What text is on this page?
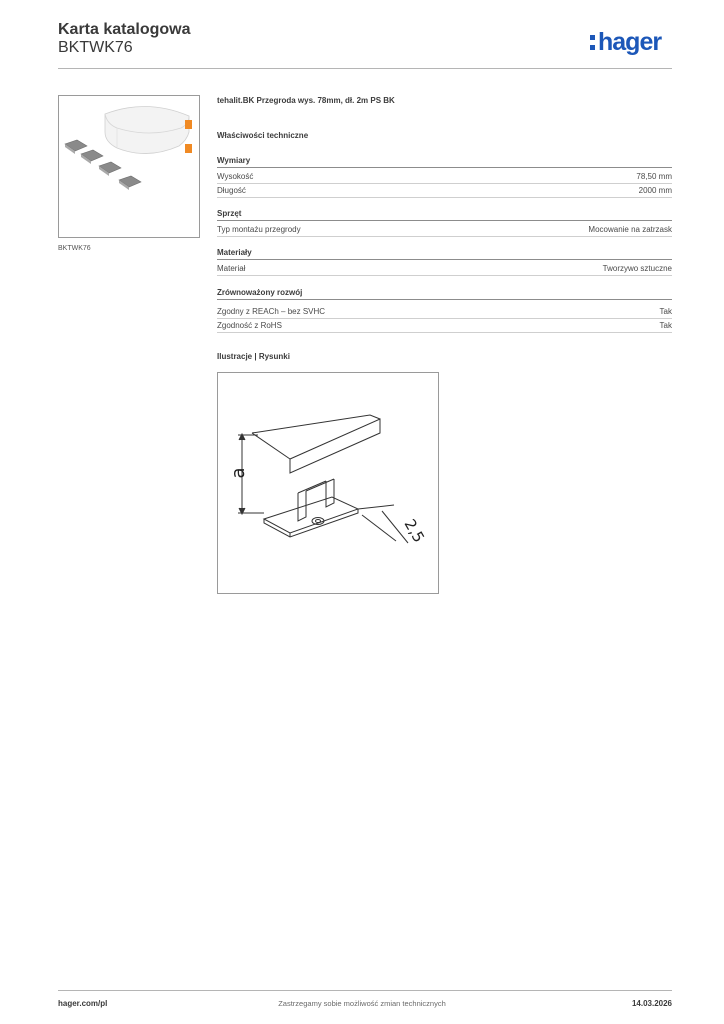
Karta katalogowa
BKTWK76	hager
BKTWK76
tehalit.BK Przegroda wys. 78mm, dł. 2m PS BK
Właściwości techniczne
Wymiary
Wysokość	78,50 mm
Długość	2000 mm
Sprzęt
Typ montażu przegrody	Mocowanie na zatrzask
Materiały
Materiał	Tworzywo sztuczne
Zrównoważony rozwój
Zgodny z REACh – bez SVHC	Tak
Zgodność z RoHS	Tak
Ilustracje | Rysunki
a
2,5
hager.com/pl	Zastrzegamy sobie możliwość zmian technicznych	14.03.2026
